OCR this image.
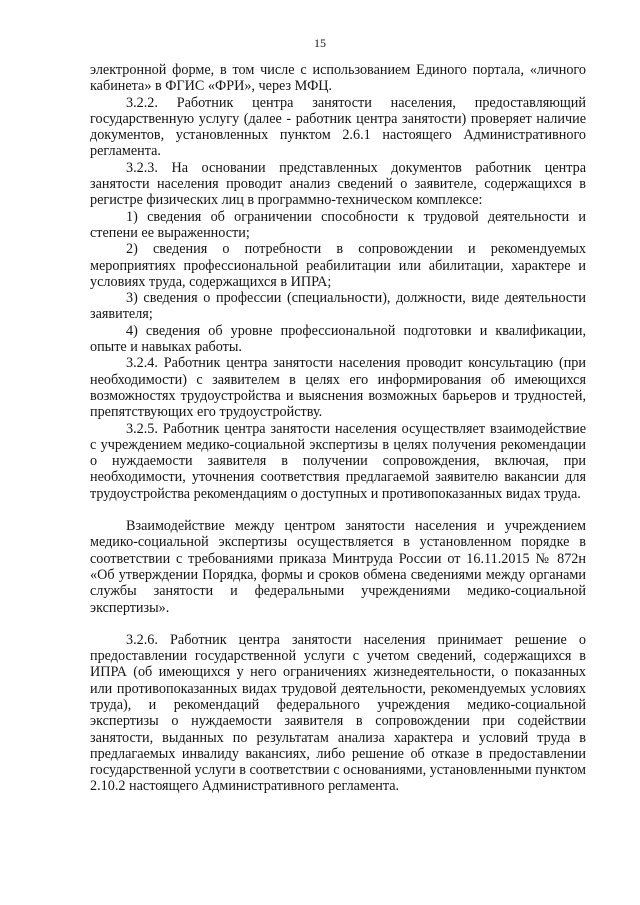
15

электронной форме, в том числе с использованием Единого портала, «личного кабинета» в ФГИС «ФРИ», через МФЦ.

3.2.2. Работник центра занятости населения, предоставляющий государственную услугу (далее - работник центра занятости) проверяет наличие документов, установленных пунктом 2.6.1 настоящего Административного регламента.

3.2.3. На основании представленных документов работник центра занятости населения проводит анализ сведений о заявителе, содержащихся в регистре физических лиц в программно-техническом комплексе:

1) сведения об ограничении способности к трудовой деятельности и степени ее выраженности;

2) сведения о потребности в сопровождении и рекомендуемых мероприятиях профессиональной реабилитации или абилитации, характере и условиях труда, содержащихся в ИПРА;

3) сведения о профессии (специальности), должности, виде деятельности заявителя;

4) сведения об уровне профессиональной подготовки и квалификации, опыте и навыках работы.

3.2.4. Работник центра занятости населения проводит консультацию (при необходимости) с заявителем в целях его информирования об имеющихся возможностях трудоустройства и выяснения возможных барьеров и трудностей, препятствующих его трудоустройству.

3.2.5. Работник центра занятости населения осуществляет взаимодействие с учреждением медико-социальной экспертизы в целях получения рекомендации о нуждаемости заявителя в получении сопровождения, включая, при необходимости, уточнения соответствия предлагаемой заявителю вакансии для трудоустройства рекомендациям о доступных и противопоказанных видах труда.

Взаимодействие между центром занятости населения и учреждением медико-социальной экспертизы осуществляется в установленном порядке в соответствии с требованиями приказа Минтруда России от 16.11.2015 № 872н «Об утверждении Порядка, формы и сроков обмена сведениями между органами службы занятости и федеральными учреждениями медико-социальной экспертизы».

3.2.6. Работник центра занятости населения принимает решение о предоставлении государственной услуги с учетом сведений, содержащихся в ИПРА (об имеющихся у него ограничениях жизнедеятельности, о показанных или противопоказанных видах трудовой деятельности, рекомендуемых условиях труда), и рекомендаций федерального учреждения медико-социальной экспертизы о нуждаемости заявителя в сопровождении при содействии занятости, выданных по результатам анализа характера и условий труда в предлагаемых инвалиду вакансиях, либо решение об отказе в предоставлении государственной услуги в соответствии с основаниями, установленными пунктом 2.10.2 настоящего Административного регламента.
